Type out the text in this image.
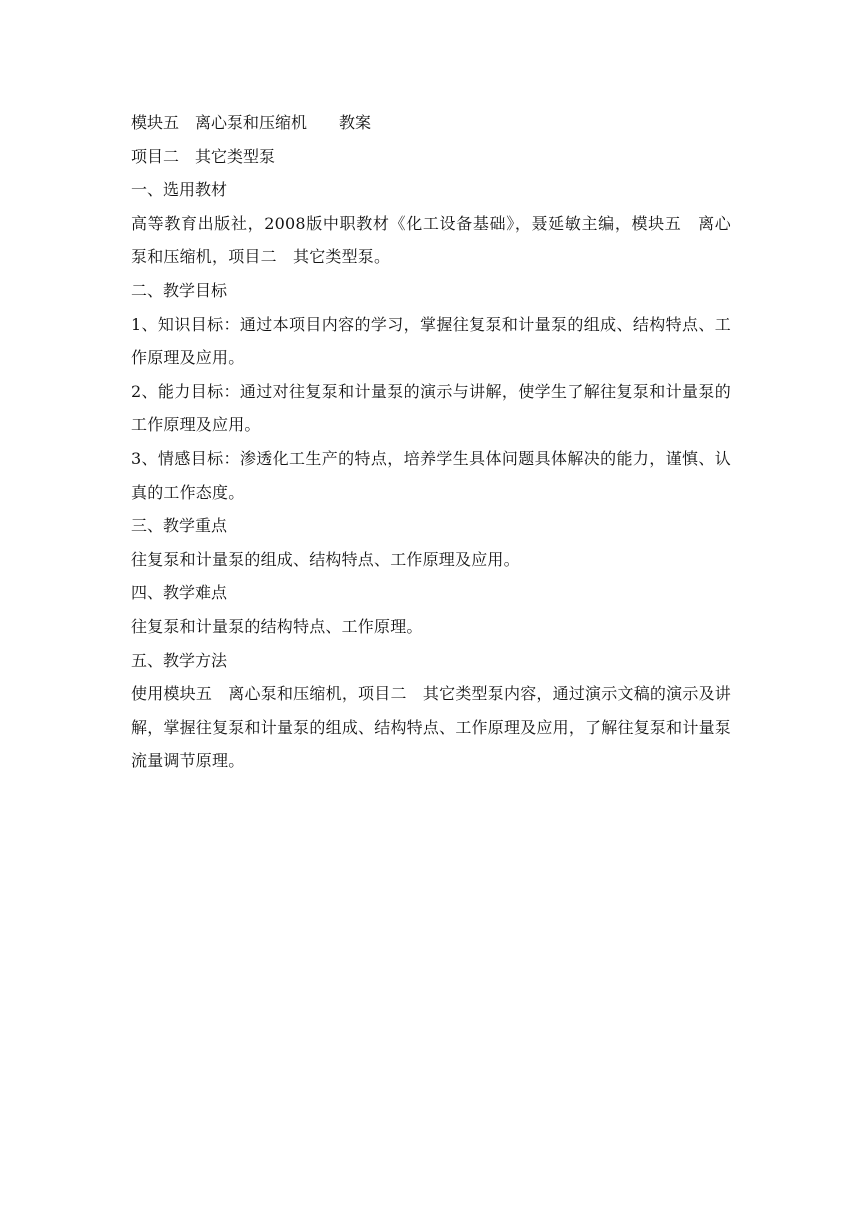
模块五　离心泵和压缩机　　教案
项目二　其它类型泵
一、选用教材
高等教育出版社，2008版中职教材《化工设备基础》，聂延敏主编，模块五　离心泵和压缩机，项目二　其它类型泵。
二、教学目标
1、知识目标：通过本项目内容的学习，掌握往复泵和计量泵的组成、结构特点、工作原理及应用。
2、能力目标：通过对往复泵和计量泵的演示与讲解，使学生了解往复泵和计量泵的工作原理及应用。
3、情感目标：渗透化工生产的特点，培养学生具体问题具体解决的能力，谨慎、认真的工作态度。
三、教学重点
往复泵和计量泵的组成、结构特点、工作原理及应用。
四、教学难点
往复泵和计量泵的结构特点、工作原理。
五、教学方法
使用模块五　离心泵和压缩机，项目二　其它类型泵内容，通过演示文稿的演示及讲解，掌握往复泵和计量泵的组成、结构特点、工作原理及应用，了解往复泵和计量泵流量调节原理。
